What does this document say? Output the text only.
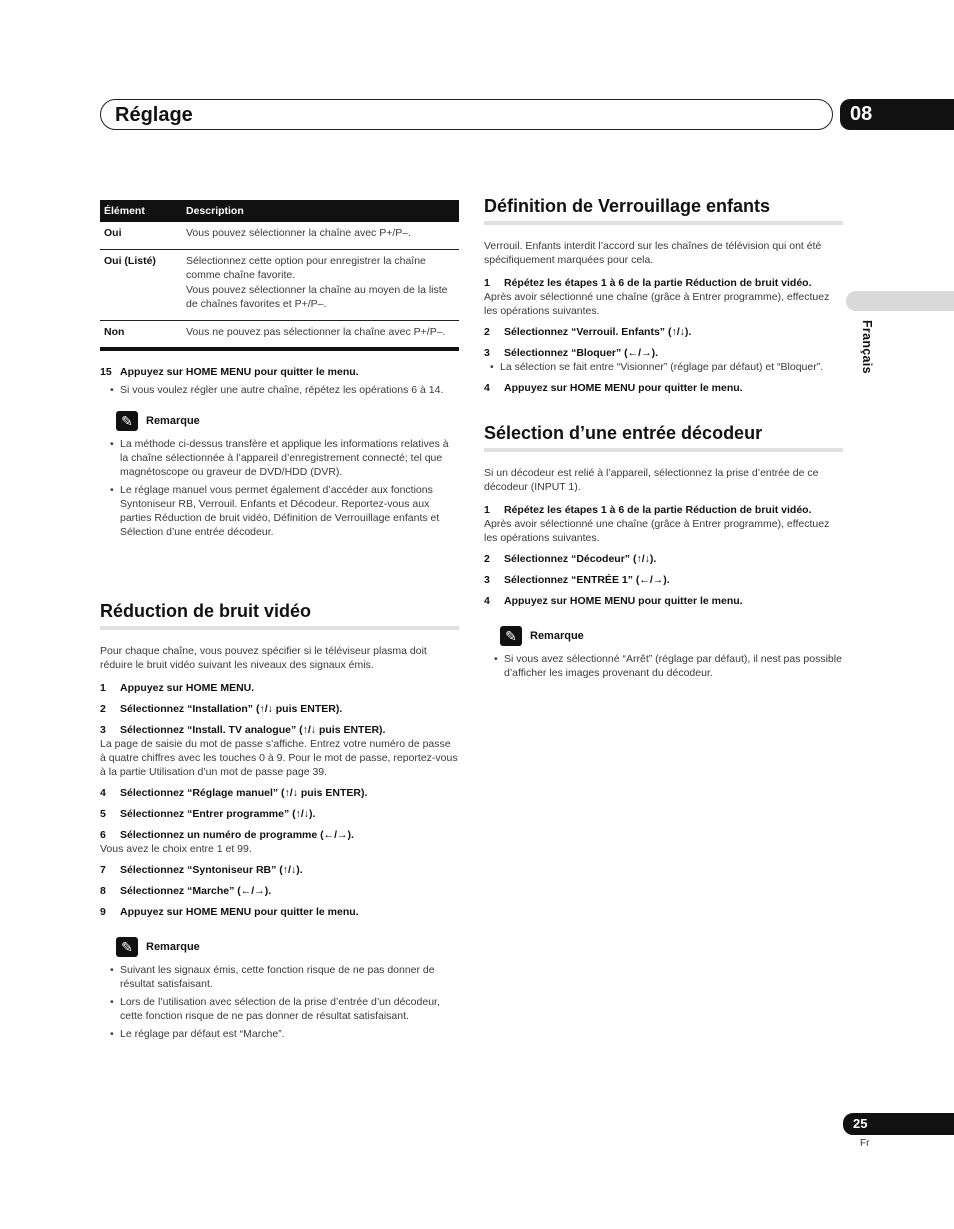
Réglage	08
Français
Élément	Description
Oui	Vous pouvez sélectionner la chaîne avec P+/P–.
Oui (Listé)	Sélectionnez cette option pour enregistrer la chaîne comme chaîne favorite.
Vous pouvez sélectionner la chaîne au moyen de la liste de chaînes favorites et P+/P–.

Non	Vous ne pouvez pas sélectionner la chaîne avec P+/P–.
15 Appuyez sur HOME MENU pour quitter le menu.
• Si vous voulez régler une autre chaîne, répétez les opérations 6 à 14.
✎	Remarque
• La méthode ci-dessus transfère et applique les informations relatives à la chaîne sélectionnée à l’appareil d’enregistrement connecté; tel que magnétoscope ou graveur de DVD/HDD (DVR).
• Le réglage manuel vous permet également d’accéder aux fonctions Syntoniseur RB, Verrouil. Enfants et Décodeur. Reportez-vous aux parties Réduction de bruit vidéo, Définition de Verrouillage enfants et Sélection d’une entrée décodeur.
Réduction de bruit vidéo
Pour chaque chaîne, vous pouvez spécifier si le téléviseur plasma doit réduire le bruit vidéo suivant les niveaux des signaux émis.
1	Appuyez sur HOME MENU.
2	Sélectionnez “Installation” (↑/↓ puis ENTER).
3	Sélectionnez “Install. TV analogue” (↑/↓ puis ENTER).
La page de saisie du mot de passe s’affiche. Entrez votre numéro de passe à quatre chiffres avec les touches 0 à 9. Pour le mot de passe, reportez-vous à la partie Utilisation d’un mot de passe page 39.
4	Sélectionnez “Réglage manuel” (↑/↓ puis ENTER).
5	Sélectionnez “Entrer programme” (↑/↓).
6	Sélectionnez un numéro de programme (←/→).
Vous avez le choix entre 1 et 99.
7	Sélectionnez “Syntoniseur RB” (↑/↓).
8	Sélectionnez “Marche” (←/→).
9	Appuyez sur HOME MENU pour quitter le menu.
✎	Remarque
• Suivant les signaux émis, cette fonction risque de ne pas donner de résultat satisfaisant.
• Lors de l’utilisation avec sélection de la prise d’entrée d’un décodeur, cette fonction risque de ne pas donner de résultat satisfaisant.
• Le réglage par défaut est “Marche”.
Définition de Verrouillage enfants
Verrouil. Enfants interdit l’accord sur les chaînes de télévision qui ont été spécifiquement marquées pour cela.
1	Répétez les étapes 1 à 6 de la partie Réduction de bruit vidéo.
Après avoir sélectionné une chaîne (grâce à Entrer programme), effectuez les opérations suivantes.
2	Sélectionnez “Verrouil. Enfants” (↑/↓).
3	Sélectionnez “Bloquer” (←/→).
• La sélection se fait entre “Visionner” (réglage par défaut) et “Bloquer”.
4	Appuyez sur HOME MENU pour quitter le menu.
Sélection d’une entrée décodeur
Si un décodeur est relié à l’appareil, sélectionnez la prise d’entrée de ce décodeur (INPUT 1).
1	Répétez les étapes 1 à 6 de la partie Réduction de bruit vidéo.
Après avoir sélectionné une chaîne (grâce à Entrer programme), effectuez les opérations suivantes.
2	Sélectionnez “Décodeur” (↑/↓).
3	Sélectionnez “ENTRÉE 1” (←/→).
4	Appuyez sur HOME MENU pour quitter le menu.
✎	Remarque
• Si vous avez sélectionné “Arrêt” (réglage par défaut), il nest pas possible d’afficher les images provenant du décodeur.
25
Fr
